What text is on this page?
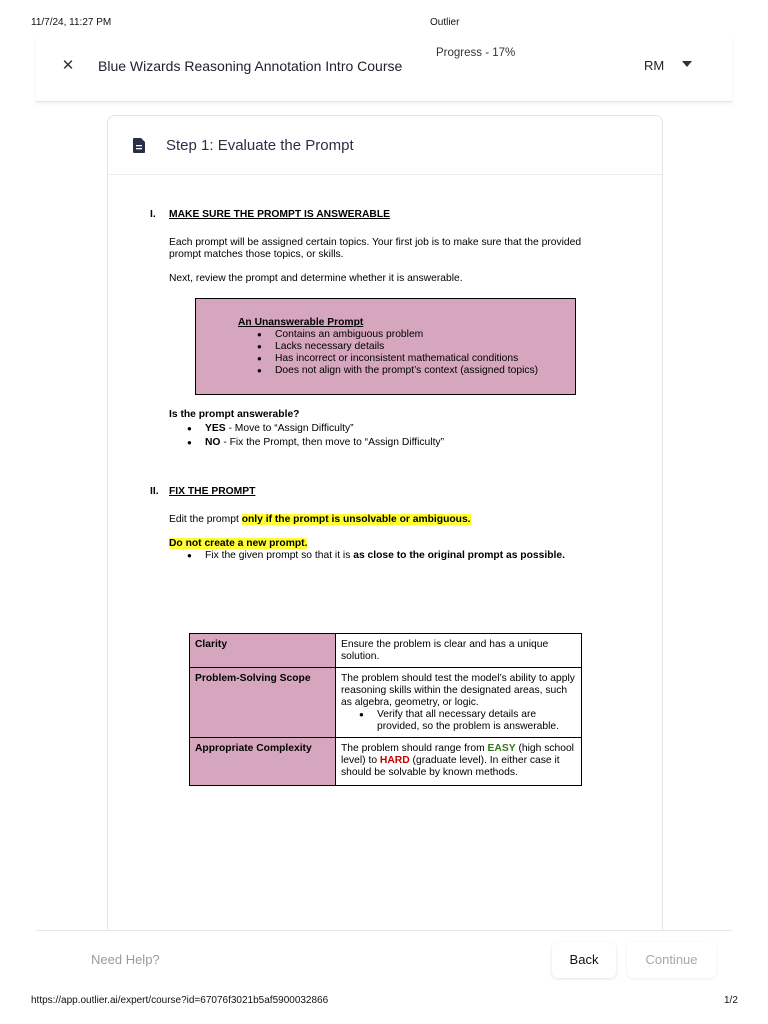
11/7/24, 11:27 PM	Outlier
✕ Blue Wizards Reasoning Annotation Intro Course
Progress - 17%
RM
Step 1: Evaluate the Prompt
I. MAKE SURE THE PROMPT IS ANSWERABLE
Each prompt will be assigned certain topics. Your first job is to make sure that the provided
prompt matches those topics, or skills.
Next, review the prompt and determine whether it is answerable.
An Unanswerable Prompt
● Contains an ambiguous problem
● Lacks necessary details
● Has incorrect or inconsistent mathematical conditions
● Does not align with the prompt’s context (assigned topics)
Is the prompt answerable?
● YES - Move to “Assign Difficulty”
● NO - Fix the Prompt, then move to “Assign Difficulty”
II. FIX THE PROMPT
Edit the prompt only if the prompt is unsolvable or ambiguous.
Do not create a new prompt.
● Fix the given prompt so that it is as close to the original prompt as possible.
Clarity	Ensure the problem is clear and has a unique solution.
Problem-Solving Scope	The problem should test the model’s ability to apply reasoning skills within the designated areas, such as algebra, geometry, or logic.
● Verify that all necessary details are provided, so the problem is answerable.

Appropriate Complexity	The problem should range from EASY (high school level) to HARD (graduate level). In either case it should be solvable by known methods.
Need Help?	Back	Continue
https://app.outlier.ai/expert/course?id=67076f3021b5af5900032866	1/2
